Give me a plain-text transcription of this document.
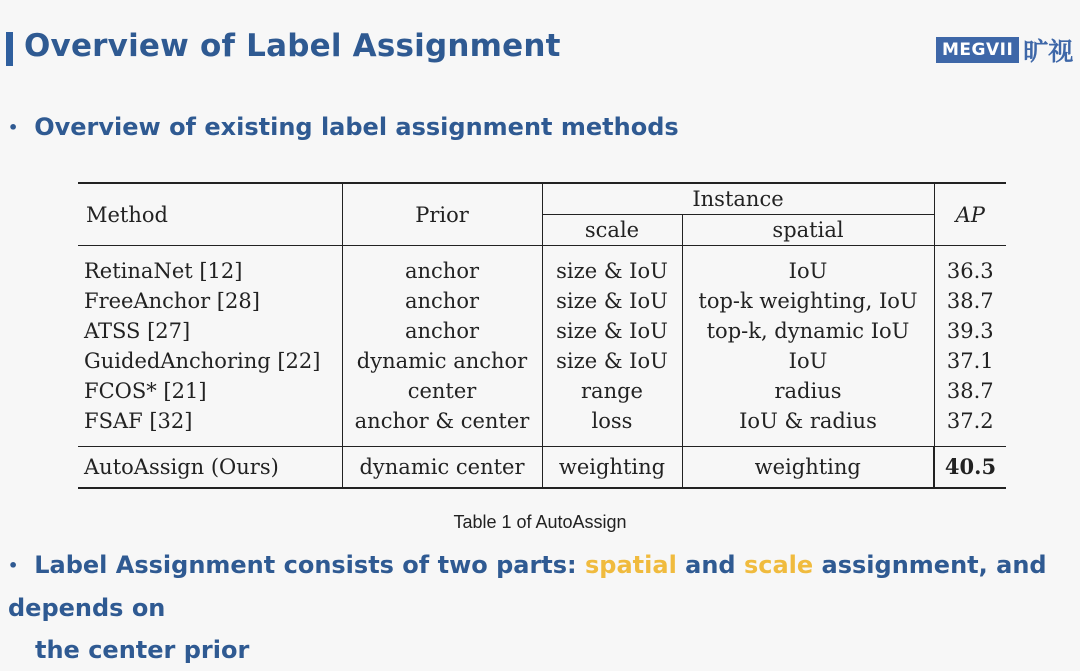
Overview of Label Assignment	MEGVII 旷视
• Overview of existing label assignment methods
Method	Prior	Instance		AP
		scale	spatial	

RetinaNet [12]	anchor	size & IoU	IoU	36.3
FreeAnchor [28]	anchor	size & IoU	top-k weighting, IoU	38.7
ATSS [27]	anchor	size & IoU	top-k, dynamic IoU	39.3
GuidedAnchoring [22]	dynamic anchor	size & IoU	IoU	37.1
FCOS* [21]	center	range	radius	38.7
FSAF [32]	anchor & center	loss	IoU & radius	37.2

AutoAssign (Ours)	dynamic center	weighting	weighting	40.5
Table 1 of AutoAssign
• Label Assignment consists of two parts: spatial and scale assignment, and depends on
the center prior
